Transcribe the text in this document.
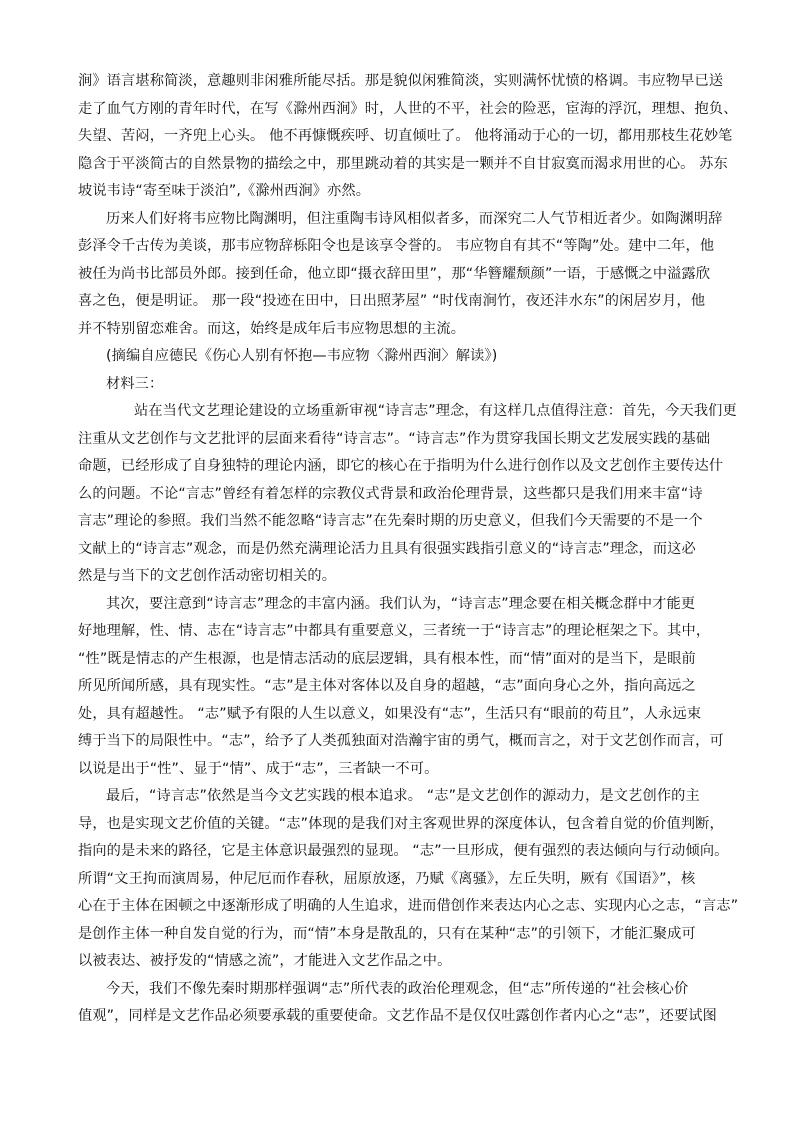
涧》语言堪称简淡，意趣则非闲雅所能尽括。那是貌似闲雅简淡，实则满怀忧愤的格调。韦应物早已送
走了血气方刚的青年时代，在写《滁州西涧》时，人世的不平，社会的险恶，宦海的浮沉，理想、抱负、
失望、苦闷，一齐兜上心头。 他不再慷慨疾呼、切直倾吐了。 他将涌动于心的一切，都用那枝生花妙笔
隐含于平淡简古的自然景物的描绘之中，那里跳动着的其实是一颗并不自甘寂寞而渴求用世的心。 苏东
坡说韦诗“寄至味于淡泊”,《滁州西涧》亦然。
历来人们好将韦应物比陶渊明，但注重陶韦诗风相似者多，而深究二人气节相近者少。如陶渊明辞
彭泽令千古传为美谈，那韦应物辞栎阳令也是该享令誉的。 韦应物自有其不“等陶”处。建中二年，他
被任为尚书比部员外郎。接到任命，他立即“摄衣辞田里”，那“华簪耀颓颜”一语，于感慨之中溢露欣
喜之色，便是明证。 那一段“投迹在田中，日出照茅屋” “时伐南涧竹，夜还沣水东”的闲居岁月，他
并不特别留恋难舍。而这，始终是成年后韦应物思想的主流。
(摘编自应德民《伤心人别有怀抱—韦应物〈滁州西涧〉解读》)
材料三：
站在当代文艺理论建设的立场重新审视“诗言志”理念，有这样几点值得注意：首先，今天我们更
注重从文艺创作与文艺批评的层面来看待“诗言志”。“诗言志”作为贯穿我国长期文艺发展实践的基础
命题，已经形成了自身独特的理论内涵，即它的核心在于指明为什么进行创作以及文艺创作主要传达什
么的问题。不论“言志”曾经有着怎样的宗教仪式背景和政治伦理背景，这些都只是我们用来丰富“诗
言志”理论的参照。我们当然不能忽略“诗言志”在先秦时期的历史意义，但我们今天需要的不是一个
文献上的“诗言志”观念，而是仍然充满理论活力且具有很强实践指引意义的“诗言志”理念，而这必
然是与当下的文艺创作活动密切相关的。
其次，要注意到“诗言志”理念的丰富内涵。我们认为，“诗言志”理念要在相关概念群中才能更
好地理解，性、情、志在“诗言志”中都具有重要意义，三者统一于“诗言志”的理论框架之下。其中，
“性”既是情志的产生根源，也是情志活动的底层逻辑，具有根本性，而“情”面对的是当下，是眼前
所见所闻所感，具有现实性。“志”是主体对客体以及自身的超越，“志”面向身心之外，指向高远之
处，具有超越性。 “志”赋予有限的人生以意义，如果没有“志”，生活只有“眼前的苟且”，人永远束
缚于当下的局限性中。“志”，给予了人类孤独面对浩瀚宇宙的勇气，概而言之，对于文艺创作而言，可
以说是出于“性”、显于“情”、成于“志”，三者缺一不可。
最后，“诗言志”依然是当今文艺实践的根本追求。 “志”是文艺创作的源动力，是文艺创作的主
导，也是实现文艺价值的关键。“志”体现的是我们对主客观世界的深度体认，包含着自觉的价值判断，
指向的是未来的路径，它是主体意识最强烈的显现。 “志”一旦形成，便有强烈的表达倾向与行动倾向。
所谓“文王拘而演周易，仲尼厄而作春秋，屈原放逐，乃赋《离骚》，左丘失明，厥有《国语》”，核
心在于主体在困顿之中逐渐形成了明确的人生追求，进而借创作来表达内心之志、实现内心之志，“言志”
是创作主体一种自发自觉的行为，而“情”本身是散乱的，只有在某种“志”的引领下，才能汇聚成可
以被表达、被抒发的“情感之流”，才能进入文艺作品之中。
今天，我们不像先秦时期那样强调“志”所代表的政治伦理观念，但“志”所传递的“社会核心价
值观”，同样是文艺作品必须要承载的重要使命。文艺作品不是仅仅吐露创作者内心之“志”，还要试图
